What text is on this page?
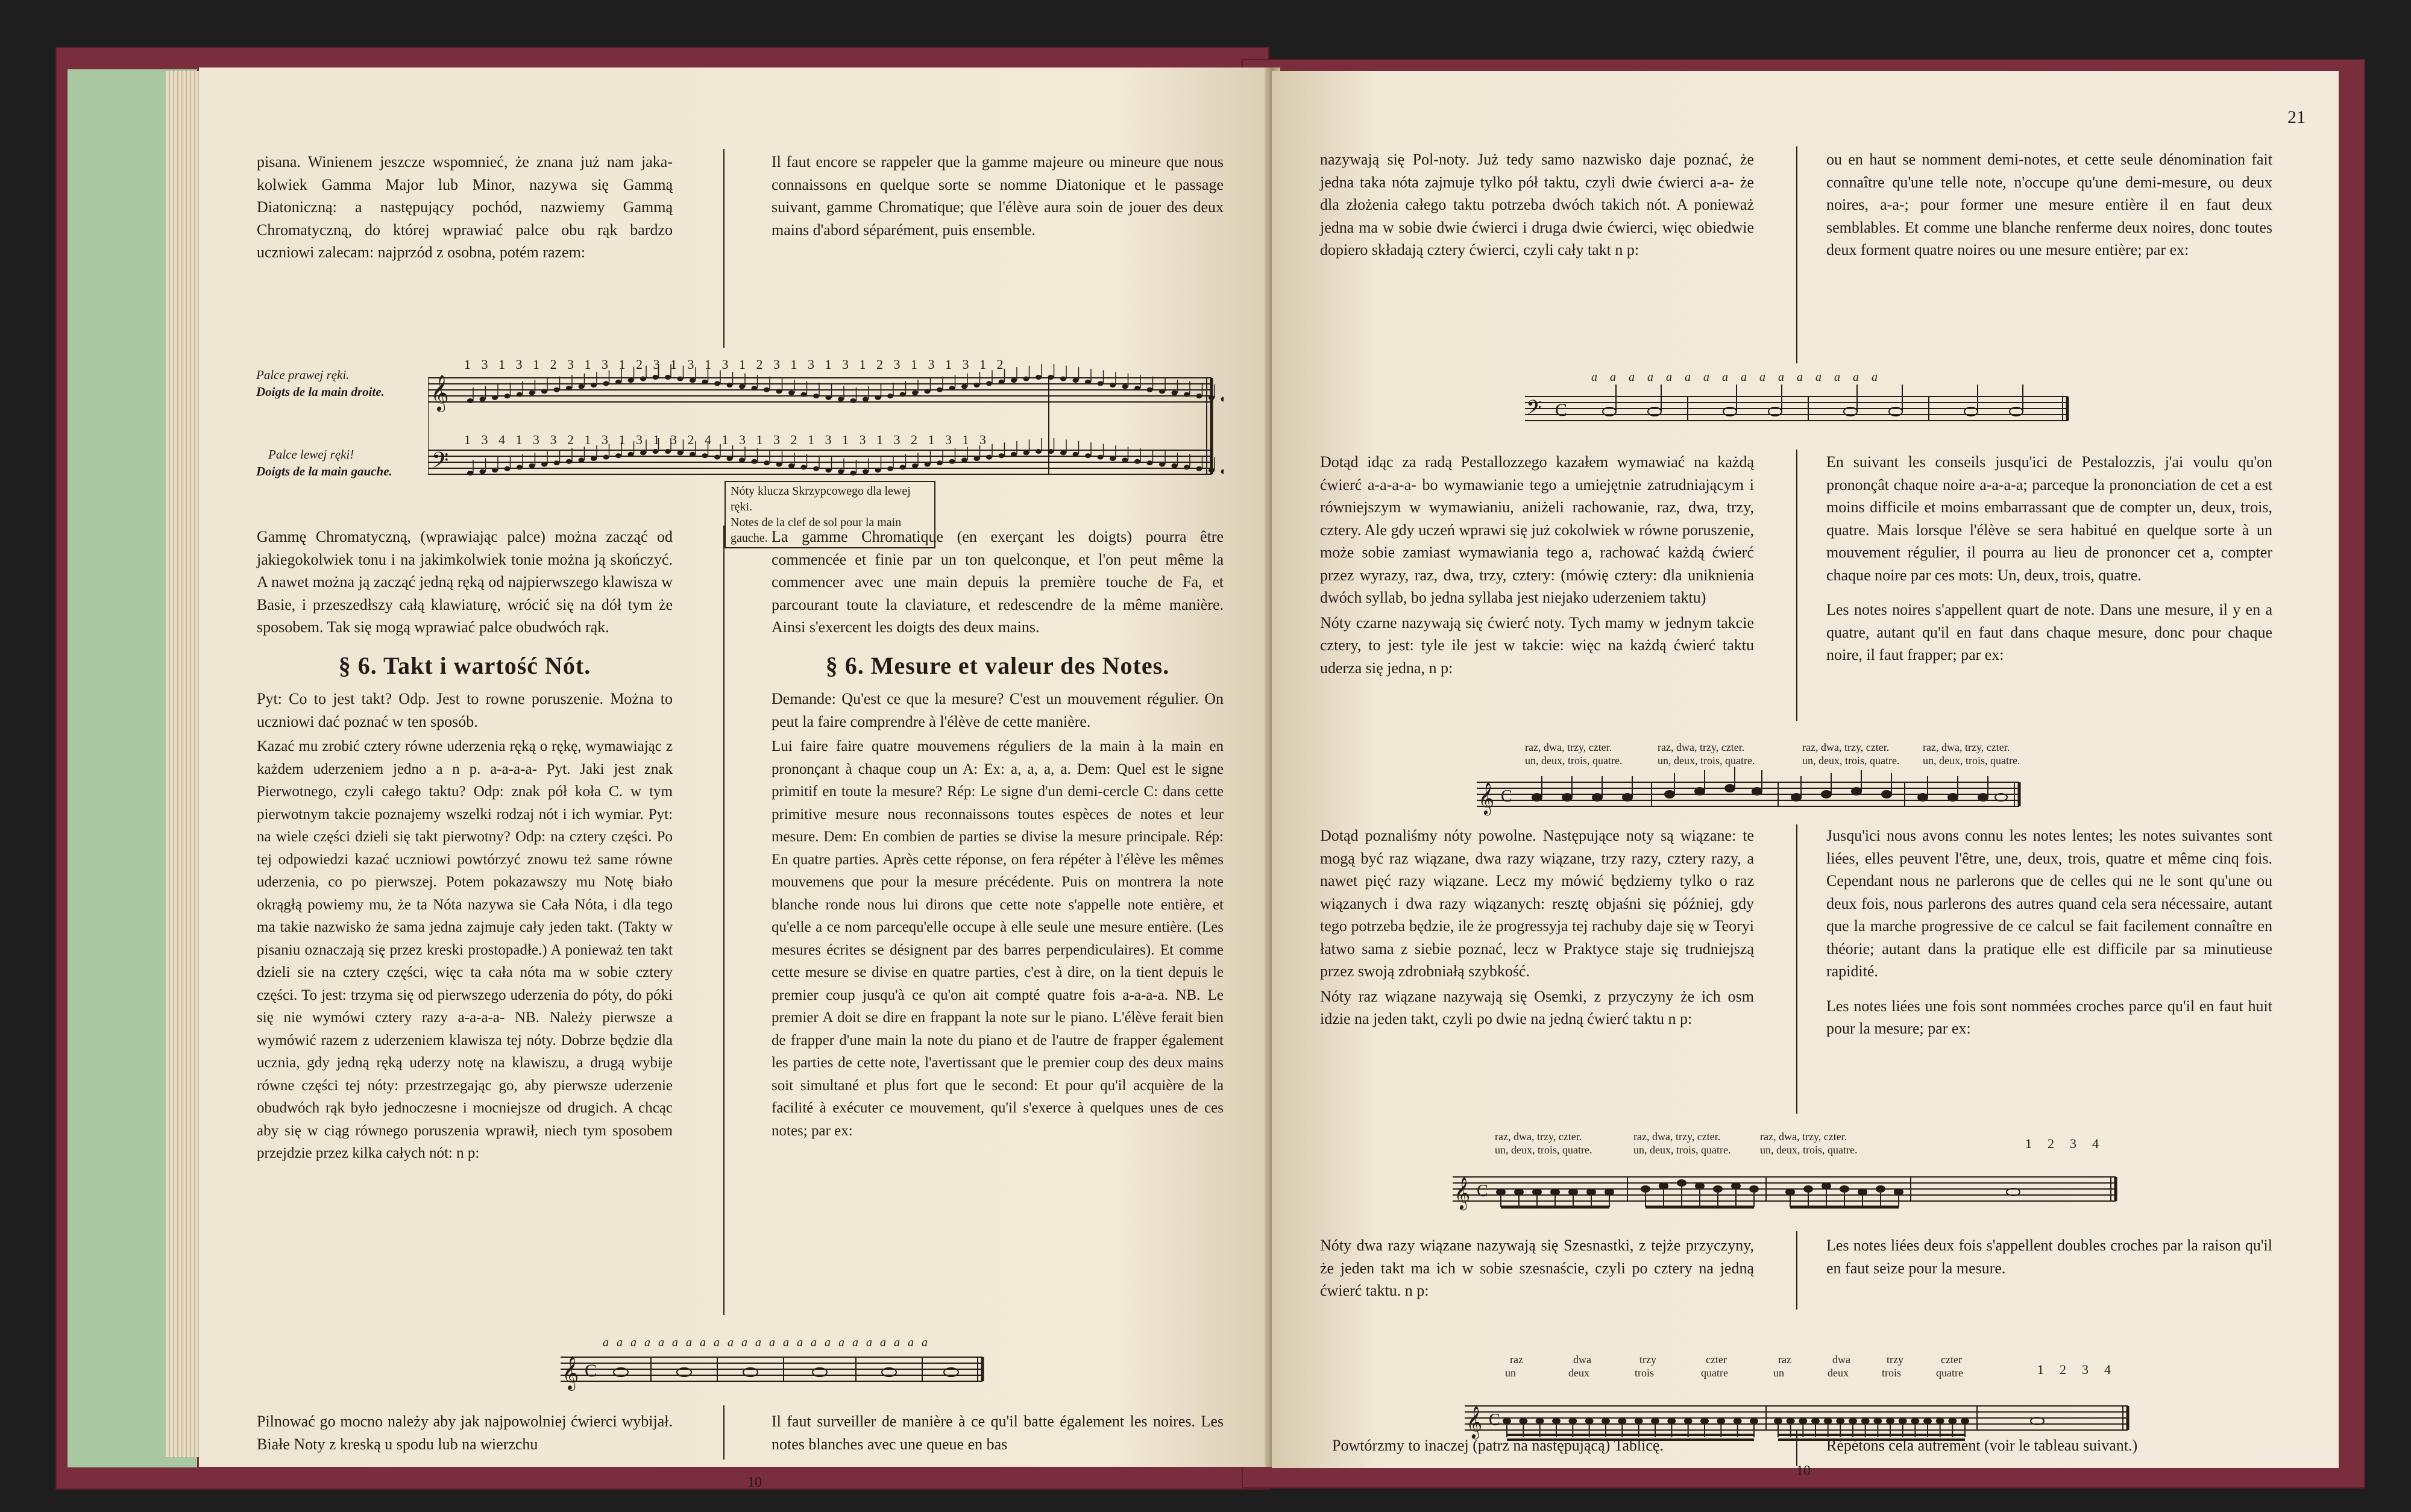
pisana. Winienem jeszcze wspomnieć, że znana już nam jaka-kolwiek Gamma Major lub Minor, nazywa się Gammą Diatoniczną: a następujący pochód, nazwiemy Gammą Chromatyczną, do której wprawiać palce obu rąk bardzo uczniowi zalecam: najprzód z osobna, potém razem:

Il faut encore se rappeler que la gamme majeure ou mineure que nous connaissons en quelque sorte se nomme Diatonique et le passage suivant, gamme Chromatique; que l'élève aura soin de jouer des deux mains d'abord séparément, puis ensemble.

Palce prawej ręki.
Doigts de la main droite.
Palce lewej ręki!
Doigts de la main gauche.
𝄞
𝄢
1 3 1 3 1 2 3 1 3 1 2 3 1 3 1 3 1 2 3 1 3 1 3 1 2 3 1 3 1 3 1 2
1 3 4 1 3 3 2 1 3 1 3 1 3 2 4 1 3 1 3 2 1 3 1 3 1 3 2 1 3 1 3
Nóty klucza Skrzypcowego dla lewej ręki.
Notes de la clef de sol pour la main gauche.

Gammę Chromatyczną, (wprawiając palce) można zacząć od jakiegokolwiek tonu i na jakimkolwiek tonie można ją skończyć. A nawet można ją zacząć jedną ręką od najpierwszego klawisza w Basie, i przeszedłszy całą klawiaturę, wrócić się na dół tym że sposobem. Tak się mogą wprawiać palce obudwóch rąk.

§ 6. Takt i wartość Nót.

Pyt: Co to jest takt? Odp. Jest to rowne poruszenie. Można to uczniowi dać poznać w ten sposób.

Kazać mu zrobić cztery równe uderzenia ręką o rękę, wymawiając z każdem uderzeniem jedno a n p. a-a-a-a- Pyt. Jaki jest znak Pierwotnego, czyli całego taktu? Odp: znak pół koła C. w tym pierwotnym takcie poznajemy wszelki rodzaj nót i ich wymiar. Pyt: na wiele części dzieli się takt pierwotny? Odp: na cztery części. Po tej odpowiedzi kazać uczniowi powtórzyć znowu też same równe uderzenia, co po pierwszej. Potem pokazawszy mu Notę biało okrągłą powiemy mu, że ta Nóta nazywa sie Cała Nóta, i dla tego ma takie nazwisko że sama jedna zajmuje cały jeden takt. (Takty w pisaniu oznaczają się przez kreski prostopadłe.) A ponieważ ten takt dzieli sie na cztery części, więc ta cała nóta ma w sobie cztery części. To jest: trzyma się od pierwszego uderzenia do póty, do póki się nie wymówi cztery razy a-a-a-a- NB. Należy pierwsze a wymówić razem z uderzeniem klawisza tej nóty. Dobrze będzie dla ucznia, gdy jedną ręką uderzy notę na klawiszu, a drugą wybije równe części tej nóty: przestrzegając go, aby pierwsze uderzenie obudwóch rąk było jednoczesne i mocniejsze od drugich. A chcąc aby się w ciąg równego poruszenia wprawił, niech tym sposobem przejdzie przez kilka całych nót: n p:

La gamme Chromatique (en exerçant les doigts) pourra être commencée et finie par un ton quelconque, et l'on peut même la commencer avec une main depuis la première touche de Fa, et parcourant toute la claviature, et redescendre de la même manière. Ainsi s'exercent les doigts des deux mains.

§ 6. Mesure et valeur des Notes.

Demande: Qu'est ce que la mesure? C'est un mouvement régulier. On peut la faire comprendre à l'élève de cette manière.

Lui faire faire quatre mouvemens réguliers de la main à la main en prononçant à chaque coup un A: Ex: a, a, a, a. Dem: Quel est le signe primitif en toute la mesure? Rép: Le signe d'un demi-cercle C: dans cette primitive mesure nous reconnaissons toutes espèces de notes et leur mesure. Dem: En combien de parties se divise la mesure principale. Rép: En quatre parties. Après cette réponse, on fera répéter à l'élève les mêmes mouvemens que pour la mesure précédente. Puis on montrera la note blanche ronde nous lui dirons que cette note s'appelle note entière, et qu'elle a ce nom parcequ'elle occupe à elle seule une mesure entière. (Les mesures écrites se désignent par des barres perpendiculaires). Et comme cette mesure se divise en quatre parties, c'est à dire, on la tient depuis le premier coup jusqu'à ce qu'on ait compté quatre fois a-a-a-a. NB. Le premier A doit se dire en frappant la note sur le piano. L'élève ferait bien de frapper d'une main la note du piano et de l'autre de frapper également les parties de cette note, l'avertissant que le premier coup des deux mains soit simultané et plus fort que le second: Et pour qu'il acquière de la facilité à exécuter ce mouvement, qu'il s'exerce à quelques unes de ces notes; par ex:

𝄞 C
a a a a a a a a a a a a a a a a a a a a a a a a

Pilnować go mocno należy aby jak najpowolniej ćwierci wybijał. Białe Noty z kreską u spodu lub na wierzchu

Il faut surveiller de manière à ce qu'il batte également les noires. Les notes blanches avec une queue en bas

10
21

nazywają się Pol-noty. Już tedy samo nazwisko daje poznać, że jedna taka nóta zajmuje tylko pół taktu, czyli dwie ćwierci a-a- że dla złożenia całego taktu potrzeba dwóch takich nót. A ponieważ jedna ma w sobie dwie ćwierci i druga dwie ćwierci, więc obiedwie dopiero składają cztery ćwierci, czyli cały takt n p:

ou en haut se nomment demi-notes, et cette seule dénomination fait connaître qu'une telle note, n'occupe qu'une demi-mesure, ou deux noires, a-a-; pour former une mesure entière il en faut deux semblables. Et comme une blanche renferme deux noires, donc toutes deux forment quatre noires ou une mesure entière; par ex:

𝄢 C
a a a a a a a a a a a a a a a a

Dotąd idąc za radą Pestallozzego kazałem wymawiać na każdą ćwierć a-a-a-a- bo wymawianie tego a umiejętnie zatrudniającym i równiejszym w wymawianiu, aniżeli rachowanie, raz, dwa, trzy, cztery. Ale gdy uczeń wprawi się już cokolwiek w równe poruszenie, może sobie zamiast wymawiania tego a, rachować każdą ćwierć przez wyrazy, raz, dwa, trzy, cztery: (mówię cztery: dla uniknienia dwóch syllab, bo jedna syllaba jest niejako uderzeniem taktu)

Nóty czarne nazywają się ćwierć noty. Tych mamy w jednym takcie cztery, to jest: tyle ile jest w takcie: więc na każdą ćwierć taktu uderza się jedna, n p:

En suivant les conseils jusqu'ici de Pestalozzis, j'ai voulu qu'on prononçât chaque noire a-a-a-a; parceque la prononciation de cet a est moins difficile et moins embarrassant que de compter un, deux, trois, quatre. Mais lorsque l'élève se sera habitué en quelque sorte à un mouvement régulier, il pourra au lieu de prononcer cet a, compter chaque noire par ces mots: Un, deux, trois, quatre.

Les notes noires s'appellent quart de note. Dans une mesure, il y en a quatre, autant qu'il en faut dans chaque mesure, donc pour chaque noire, il faut frapper; par ex:

raz, dwa, trzy, czter.
un, deux, trois, quatre.
raz, dwa, trzy, czter.
un, deux, trois, quatre.
raz, dwa, trzy, czter.
un, deux, trois, quatre.
raz, dwa, trzy, czter.
un, deux, trois, quatre.
𝄞 C

Dotąd poznaliśmy nóty powolne. Następujące noty są wiązane: te mogą być raz wiązane, dwa razy wiązane, trzy razy, cztery razy, a nawet pięć razy wiązane. Lecz my mówić będziemy tylko o raz wiązanych i dwa razy wiązanych: resztę objaśni się później, gdy tego potrzeba będzie, ile że progressyja tej rachuby daje się w Teoryi łatwo sama z siebie poznać, lecz w Praktyce staje się trudniejszą przez swoją zdrobniałą szybkość.

Nóty raz wiązane nazywają się Osemki, z przyczyny że ich osm idzie na jeden takt, czyli po dwie na jedną ćwierć taktu n p:

Jusqu'ici nous avons connu les notes lentes; les notes suivantes sont liées, elles peuvent l'être, une, deux, trois, quatre et même cinq fois. Cependant nous ne parlerons que de celles qui ne le sont qu'une ou deux fois, nous parlerons des autres quand cela sera nécessaire, autant que la marche progressive de ce calcul se fait facilement connaître en théorie; autant dans la pratique elle est difficile par sa minutieuse rapidité.

Les notes liées une fois sont nommées croches parce qu'il en faut huit pour la mesure; par ex:

raz, dwa, trzy, czter.
un, deux, trois, quatre.
raz, dwa, trzy, czter.
un, deux, trois, quatre.
raz, dwa, trzy, czter.
un, deux, trois, quatre.	1234
𝄞 C

Nóty dwa razy wiązane nazywają się Szesnastki, z tejże przyczyny, że jeden takt ma ich w sobie szesnaście, czyli po cztery na jedną ćwierć taktu. n p:

Les notes liées deux fois s'appellent doubles croches par la raison qu'il en faut seize pour la mesure.

𝄞 C
1234

Powtórzmy to inaczej (patrz na następującą) Tablicę.	Répétons cela autrement (voir le tableau suivant.)

10
raz
un
dwa
deux
trzy
trois
czter
quatre
raz
un
dwa
deux
trzy
trois
czter
quatre
